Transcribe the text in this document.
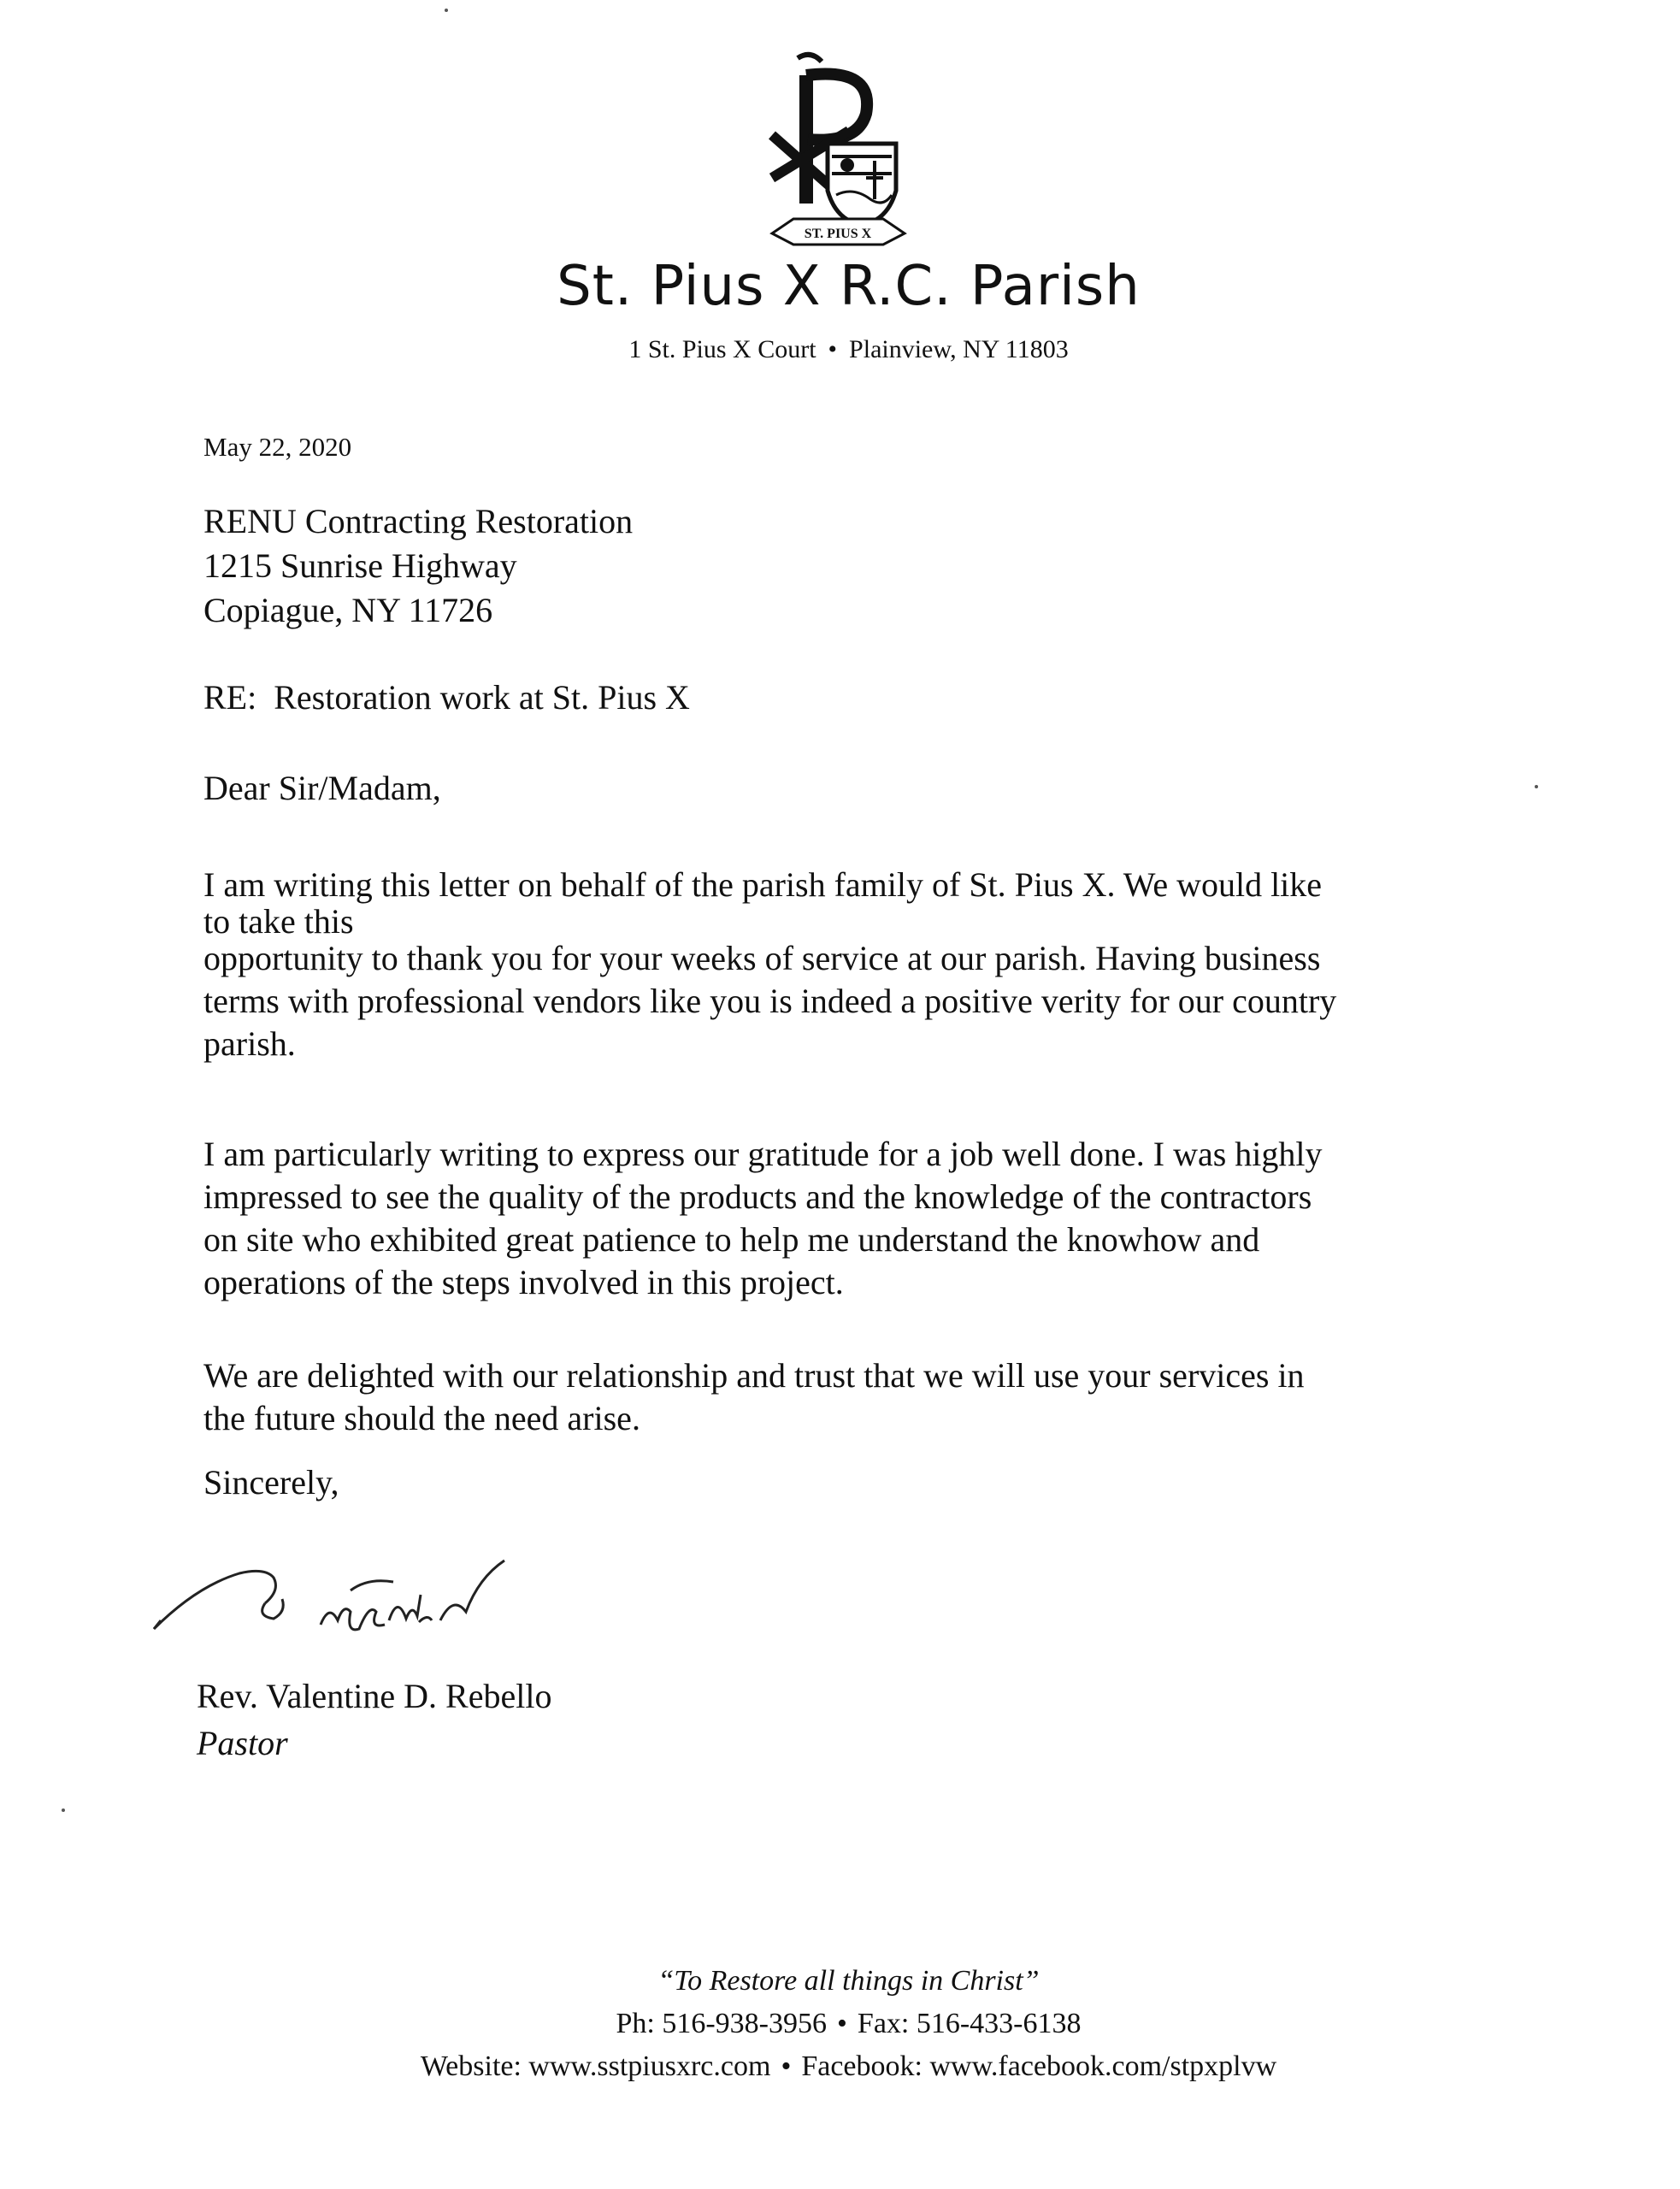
ST. PIUS X
St. Pius X R.C. Parish
1 St. Pius X Court • Plainview, NY 11803
May 22, 2020
RENU Contracting Restoration
1215 Sunrise Highway
Copiague, NY 11726
RE: Restoration work at St. Pius X
Dear Sir/Madam,
I am writing this letter on behalf of the parish family of St. Pius X. We would like
to take this
opportunity to thank you for your weeks of service at our parish. Having business
terms with professional vendors like you is indeed a positive verity for our country
parish.
I am particularly writing to express our gratitude for a job well done. I was highly
impressed to see the quality of the products and the knowledge of the contractors
on site who exhibited great patience to help me understand the knowhow and
operations of the steps involved in this project.
We are delighted with our relationship and trust that we will use your services in
the future should the need arise.
Sincerely,
Rev. Valentine D. Rebello
Pastor
“To Restore all things in Christ”
Ph: 516-938-3956 • Fax: 516-433-6138
Website: www.sstpiusxrc.com • Facebook: www.facebook.com/stpxplvw
